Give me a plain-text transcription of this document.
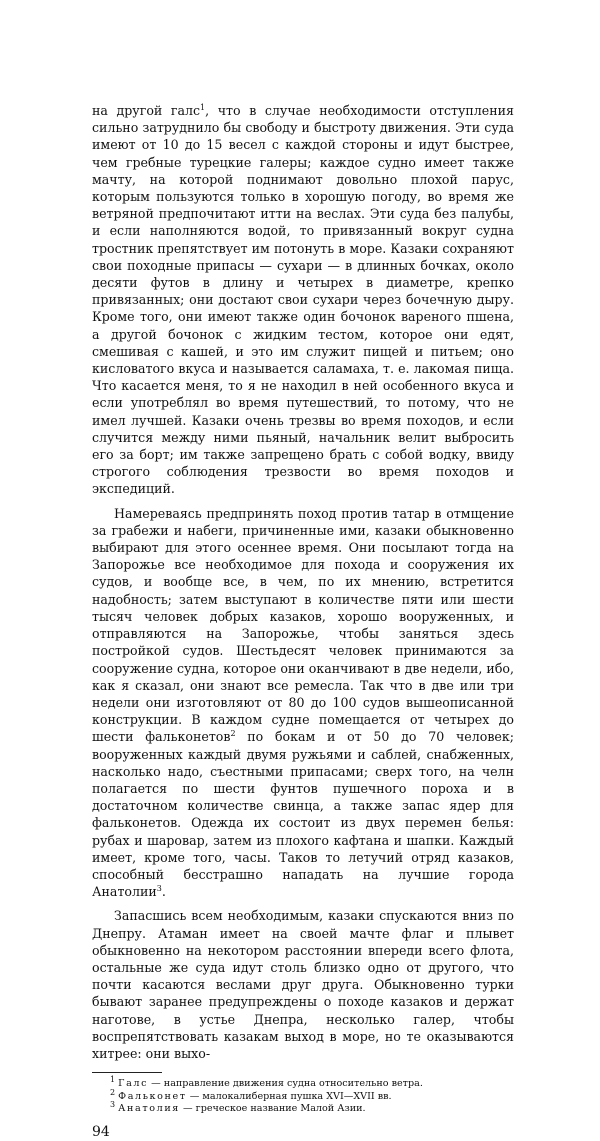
на другой галс$^1$, что в случае необходимости отступления сильно затруднило бы свободу и быстроту движения. Эти суда имеют от 10 до 15 весел с каждой стороны и идут быстрее, чем гребные турецкие галеры; каждое судно имеет также мачту, на которой поднимают довольно плохой парус, которым пользуются только в хорошую погоду, во время же ветряной предпочитают итти на веслах. Эти суда без палубы, и если наполняются водой, то привязанный вокруг судна тростник препятствует им потонуть в море. Казаки сохраняют свои походные припасы — сухари — в длинных бочках, около десяти футов в длину и четырех в диаметре, крепко привязанных; они достают свои сухари через бочечную дыру. Кроме того, они имеют также один бочонок вареного пшена, а другой бочонок с жидким тестом, которое они едят, смешивая с кашей, и это им служит пищей и питьем; оно кисловатого вкуса и называется саламаха, т. е. лакомая пища. Что касается меня, то я не находил в ней особенного вкуса и если употреблял во время путешествий, то потому, что не имел лучшей. Казаки очень трезвы во время походов, и если случится между ними пьяный, начальник велит выбросить его за борт; им также запрещено брать с собой водку, ввиду строгого соблюдения трезвости во время походов и экспедиций.

Намереваясь предпринять поход против татар в отмщение за грабежи и набеги, причиненные ими, казаки обыкновенно выбирают для этого осеннее время. Они посылают тогда на Запорожье все необходимое для похода и сооружения их судов, и вообще все, в чем, по их мнению, встретится надобность; затем выступают в количестве пяти или шести тысяч человек добрых казаков, хорошо вооруженных, и отправляются на Запорожье, чтобы заняться здесь постройкой судов. Шестьдесят человек принимаются за сооружение судна, которое они оканчивают в две недели, ибо, как я сказал, они знают все ремесла. Так что в две или три недели они изготовляют от 80 до 100 судов вышеописанной конструкции. В каждом судне помещается от четырех до шести фальконетов$^2$ по бокам и от 50 до 70 человек; вооруженных каждый двумя ружьями и саблей, снабженных, насколько надо, съестными припасами; сверх того, на челн полагается по шести фунтов пушечного пороха и в достаточном количестве свинца, а также запас ядер для фальконетов. Одежда их состоит из двух перемен белья: рубах и шаровар, затем из плохого кафтана и шапки. Каждый имеет, кроме того, часы. Таков то летучий отряд казаков, способный бесстрашно нападать на лучшие города Анатолии$^3$.

Запасшись всем необходимым, казаки спускаются вниз по Днепру. Атаман имеет на своей мачте флаг и плывет обыкновенно на некотором расстоянии впереди всего флота, остальные же суда идут столь близко одно от другого, что почти касаются веслами друг друга. Обыкновенно турки бывают заранее предупреждены о походе казаков и держат наготове, в устье Днепра, несколько галер, чтобы воспрепятствовать казакам выход в море, но те оказываются хитрее: они выхо-

$^1$ Галс — направление движения судна относительно ветра.

$^2$ Фальконет — малокалиберная пушка XVI—XVII вв.

$^3$ Анатолия — греческое название Малой Азии.

94
